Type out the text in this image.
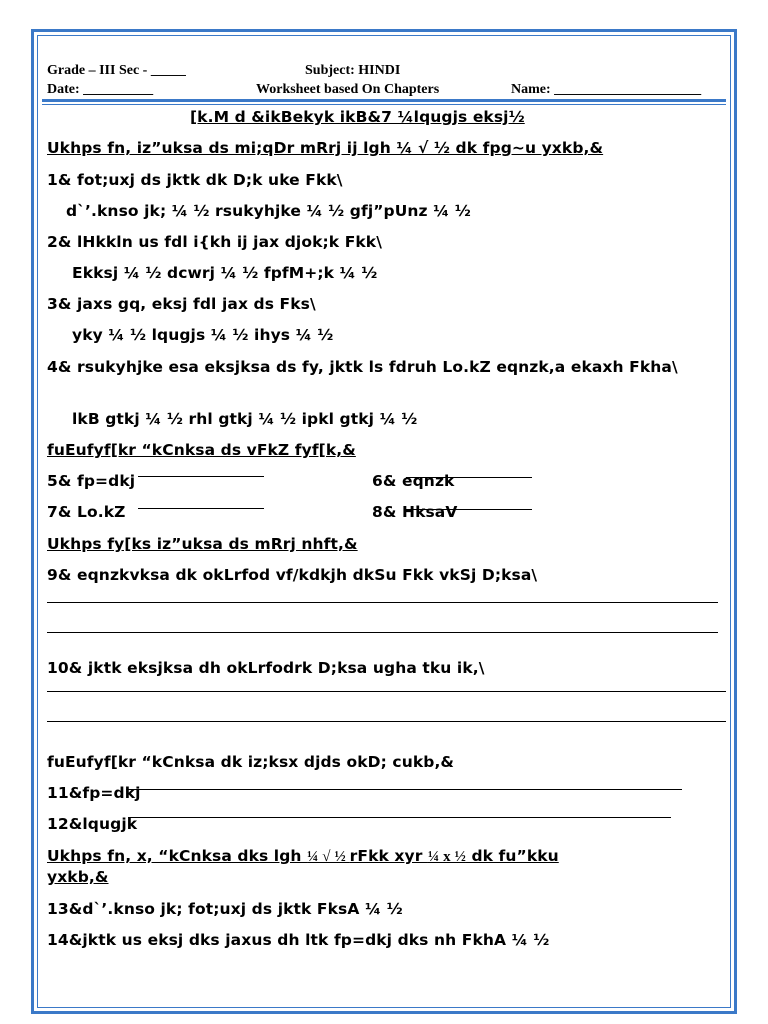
Grade – III Sec - _____	Subject: HINDI
Date: __________	Worksheet based On Chapters	Name: _____________________
[k.M d &ikBekyk ikB&7 ¼lqugjs eksj½
Ukhps fn, iz”uksa ds mi;qDr mRrj ij lgh ¼ √ ½ dk fpg~u yxkb,&
1& fot;uxj ds jktk dk D;k uke Fkk\
d`’.knso jk; ¼ ½ rsukyhjke ¼ ½ gfj”pUnz ¼ ½
2& lHkkln us fdl i{kh ij jax djok;k Fkk\
Ekksj ¼ ½ dcwrj ¼ ½ fpfM+;k ¼ ½
3& jaxs gq, eksj fdl jax ds Fks\
yky ¼ ½ lqugjs ¼ ½ ihys ¼ ½
4& rsukyhjke esa eksjksa ds fy, jktk ls fdruh Lo.kZ eqnzk,a ekaxh Fkha\
lkB gtkj ¼ ½ rhl gtkj ¼ ½ ipkl gtkj ¼ ½
fuEufyf[kr “kCnksa ds vFkZ fyf[k,&
5& fp=dkj	6& eqnzk
7& Lo.kZ	8& HksaV
Ukhps fy[ks iz”uksa ds mRrj nhft,&
9& eqnzkvksa dk okLrfod vf/kdkjh dkSu Fkk vkSj D;ksa\
10& jktk eksjksa dh okLrfodrk D;ksa ugha tku ik,\
fuEufyf[kr “kCnksa dk iz;ksx djds okD; cukb,&
11&fp=dkj
12&lqugjk
Ukhps fn, x, “kCnksa dks lgh ¼ √ ½ rFkk xyr ¼ x ½ dk fu”kku
yxkb,&
13&d`’.knso jk; fot;uxj ds jktk FksA ¼ ½
14&jktk us eksj dks jaxus dh ltk fp=dkj dks nh FkhA ¼ ½
